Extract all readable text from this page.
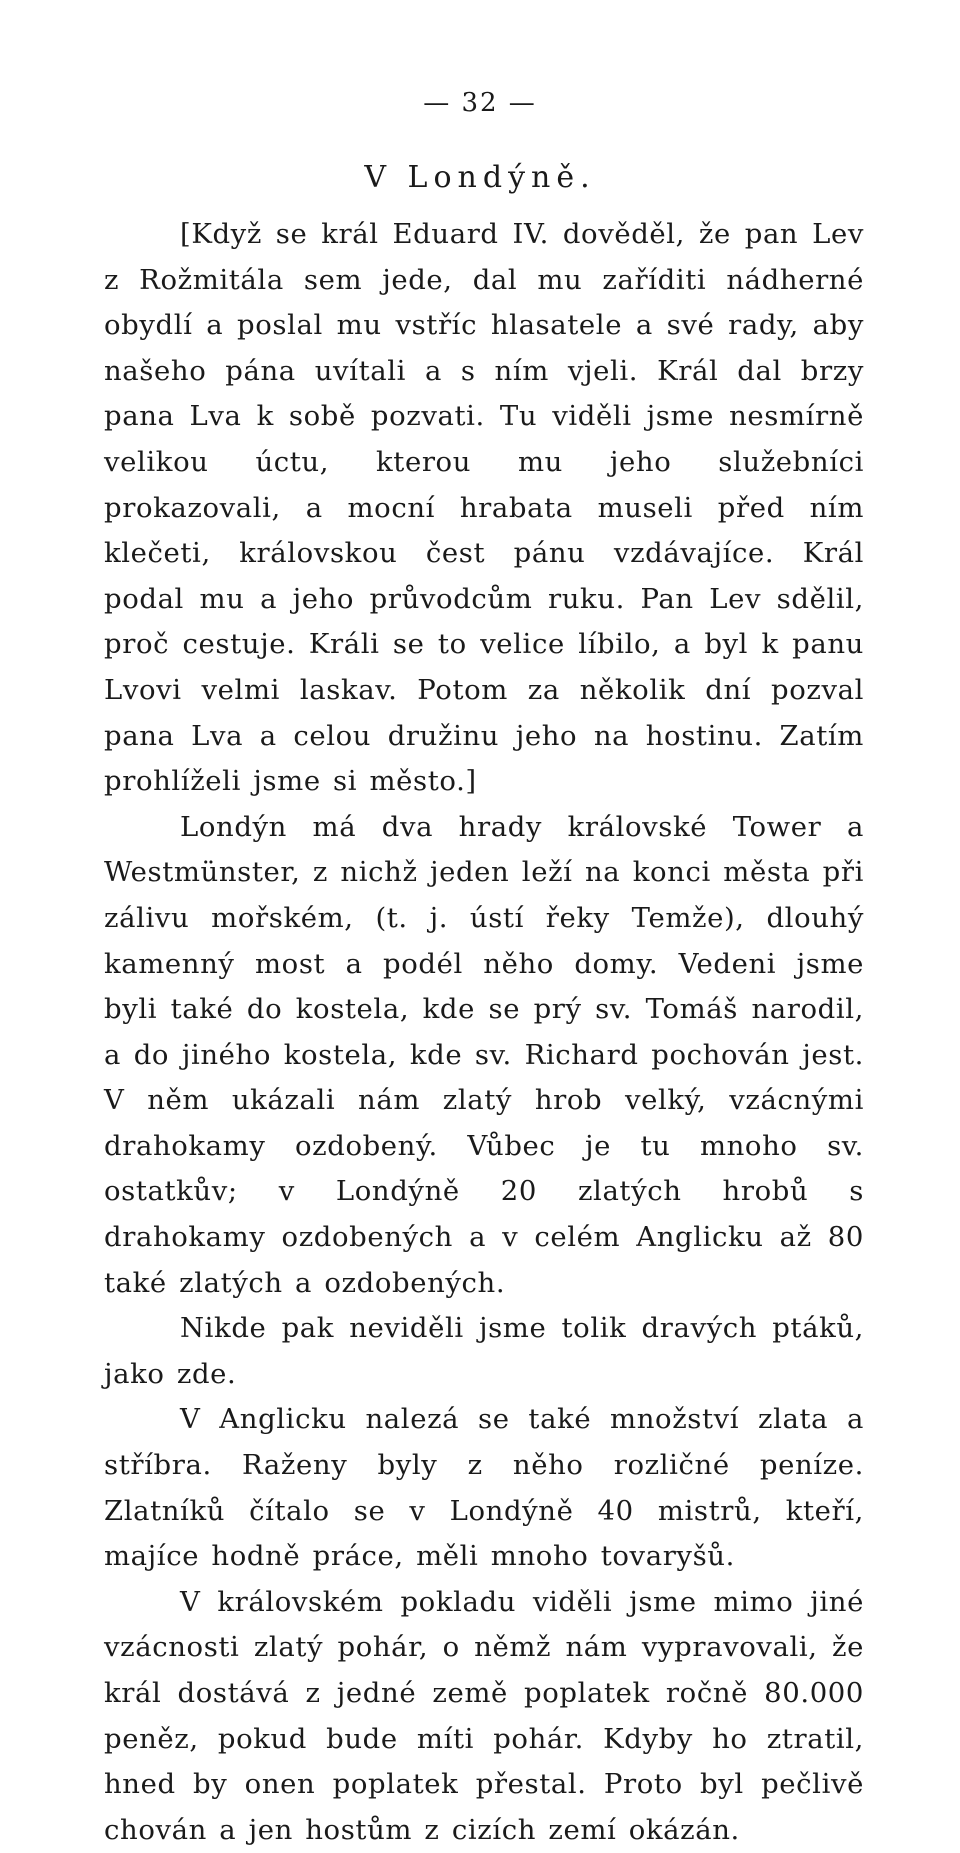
— 32 —
V Londýně.

[Když se král Eduard IV. dověděl, že pan Lev z Rožmitála sem jede, dal mu zaříditi nádherné obydlí a poslal mu vstříc hlasatele a své rady, aby našeho pána uvítali a s ním vjeli. Král dal brzy pana Lva k sobě pozvati. Tu viděli jsme nesmírně velikou úctu, kterou mu jeho služebníci prokazovali, a mocní hrabata museli před ním klečeti, královskou čest pánu vzdávajíce. Král podal mu a jeho průvodcům ruku. Pan Lev sdělil, proč cestuje. Králi se to velice líbilo, a byl k panu Lvovi velmi laskav. Potom za několik dní pozval pana Lva a celou družinu jeho na hostinu. Zatím prohlíželi jsme si město.]

Londýn má dva hrady královské Tower a Westmünster, z nichž jeden leží na konci města při zálivu mořském, (t. j. ústí řeky Temže), dlouhý kamenný most a podél něho domy. Vedeni jsme byli také do kostela, kde se prý sv. Tomáš narodil, a do jiného kostela, kde sv. Richard pochován jest. V něm ukázali nám zlatý hrob velký, vzácnými drahokamy ozdobený. Vůbec je tu mnoho sv. ostatkův; v Londýně 20 zlatých hrobů s drahokamy ozdobených a v celém Anglicku až 80 také zlatých a ozdobených.

Nikde pak neviděli jsme tolik dravých ptáků, jako zde.

V Anglicku nalezá se také množství zlata a stříbra. Raženy byly z něho rozličné peníze. Zlatníků čítalo se v Londýně 40 mistrů, kteří, majíce hodně práce, měli mnoho tovaryšů.

V královském pokladu viděli jsme mimo jiné vzácnosti zlatý pohár, o němž nám vypravovali, že král dostává z jedné země poplatek ročně 80.000 peněz, pokud bude míti pohár. Kdyby ho ztratil, hned by onen poplatek přestal. Proto byl pečlivě chován a jen hostům z cizích zemí okázán.
